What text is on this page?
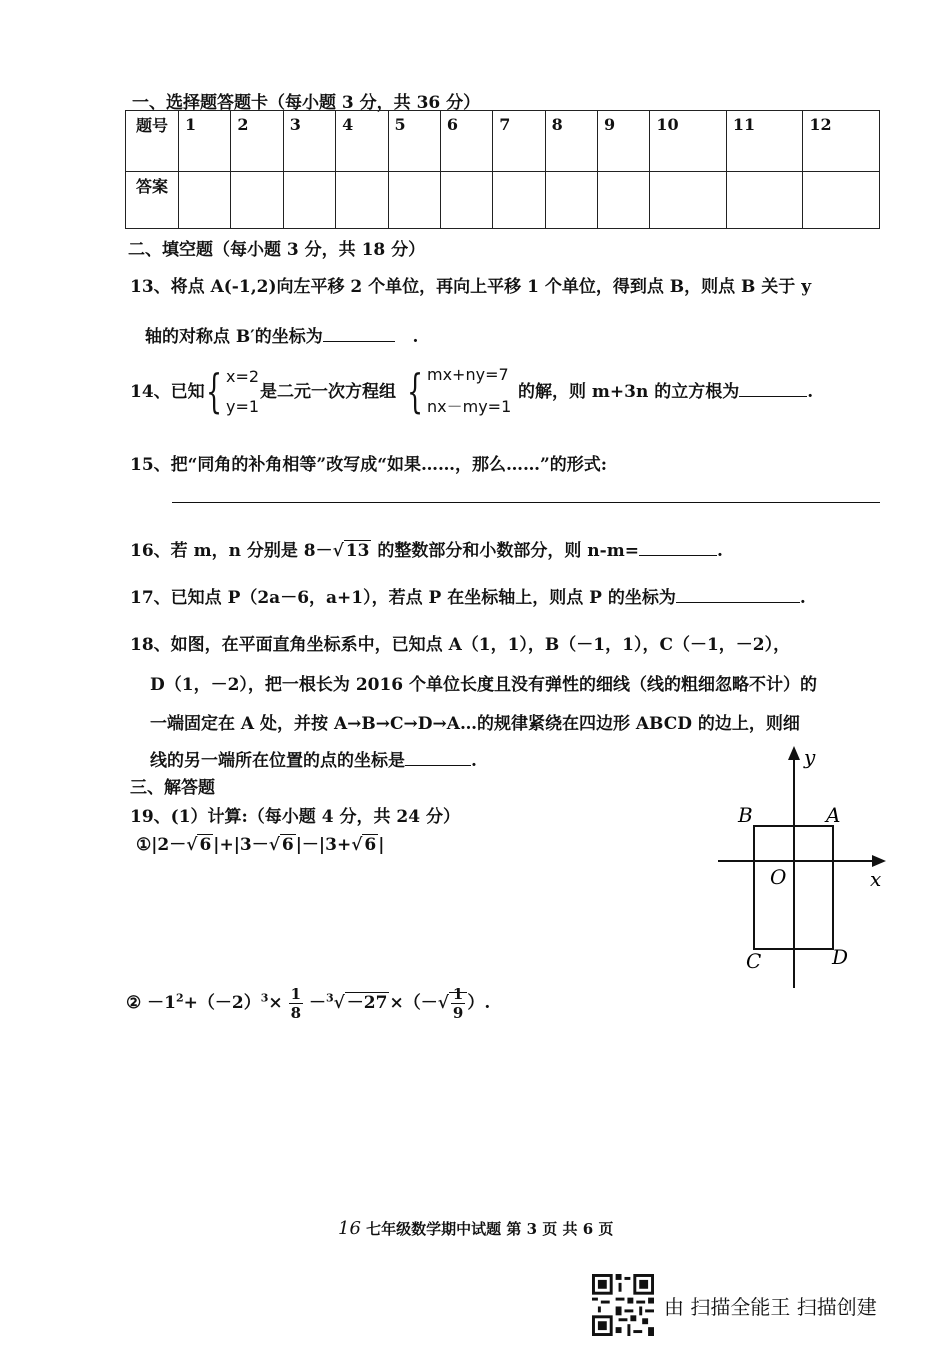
一、选择题答题卡（每小题 3 分，共 36 分）
题号	1	2	3	4	5	6	7	8	9	10	11	12
答案												
二、填空题（每小题 3 分，共 18 分）
13、将点 A(-1,2)向左平移 2 个单位，再向上平移 1 个单位，得到点 B，则点 B 关于 y
轴的对称点 B′的坐标为	.
14、已知 { x=2
y=1
是二元一次方程组 { mx+ny=7
nx－my=1
的解，则 m+3n 的立方根为	.
15、把“同角的补角相等”改写成“如果……，那么……”的形式:
16、若 m，n 分别是 8－√ 13 的整数部分和小数部分，则 n-m=	.
17、已知点 P（2a－6，a+1），若点 P 在坐标轴上，则点 P 的坐标为	.
18、如图，在平面直角坐标系中，已知点 A（1，1），B（－1，1），C（－1，－2），
D（1，－2），把一根长为 2016 个单位长度且没有弹性的细线（线的粗细忽略不计）的
一端固定在 A 处，并按 A→B→C→D→A…的规律紧绕在四边形 ABCD 的边上，则细
线的另一端所在位置的点的坐标是	.
三、解答题
19、(1）计算:（每小题 4 分，共 24 分）
①|2－√ 6 |+|3－√ 6 |－|3+√ 6 |
② $-1^2+(-2)^3\times \frac{1}{8} -^3√ -27$ ×（－√ $\frac{1}{9}$ ）.
y
x
O
A
B
C	D
16 七年级数学期中试题 第 3 页 共 6 页
由 扫描全能王 扫描创建
